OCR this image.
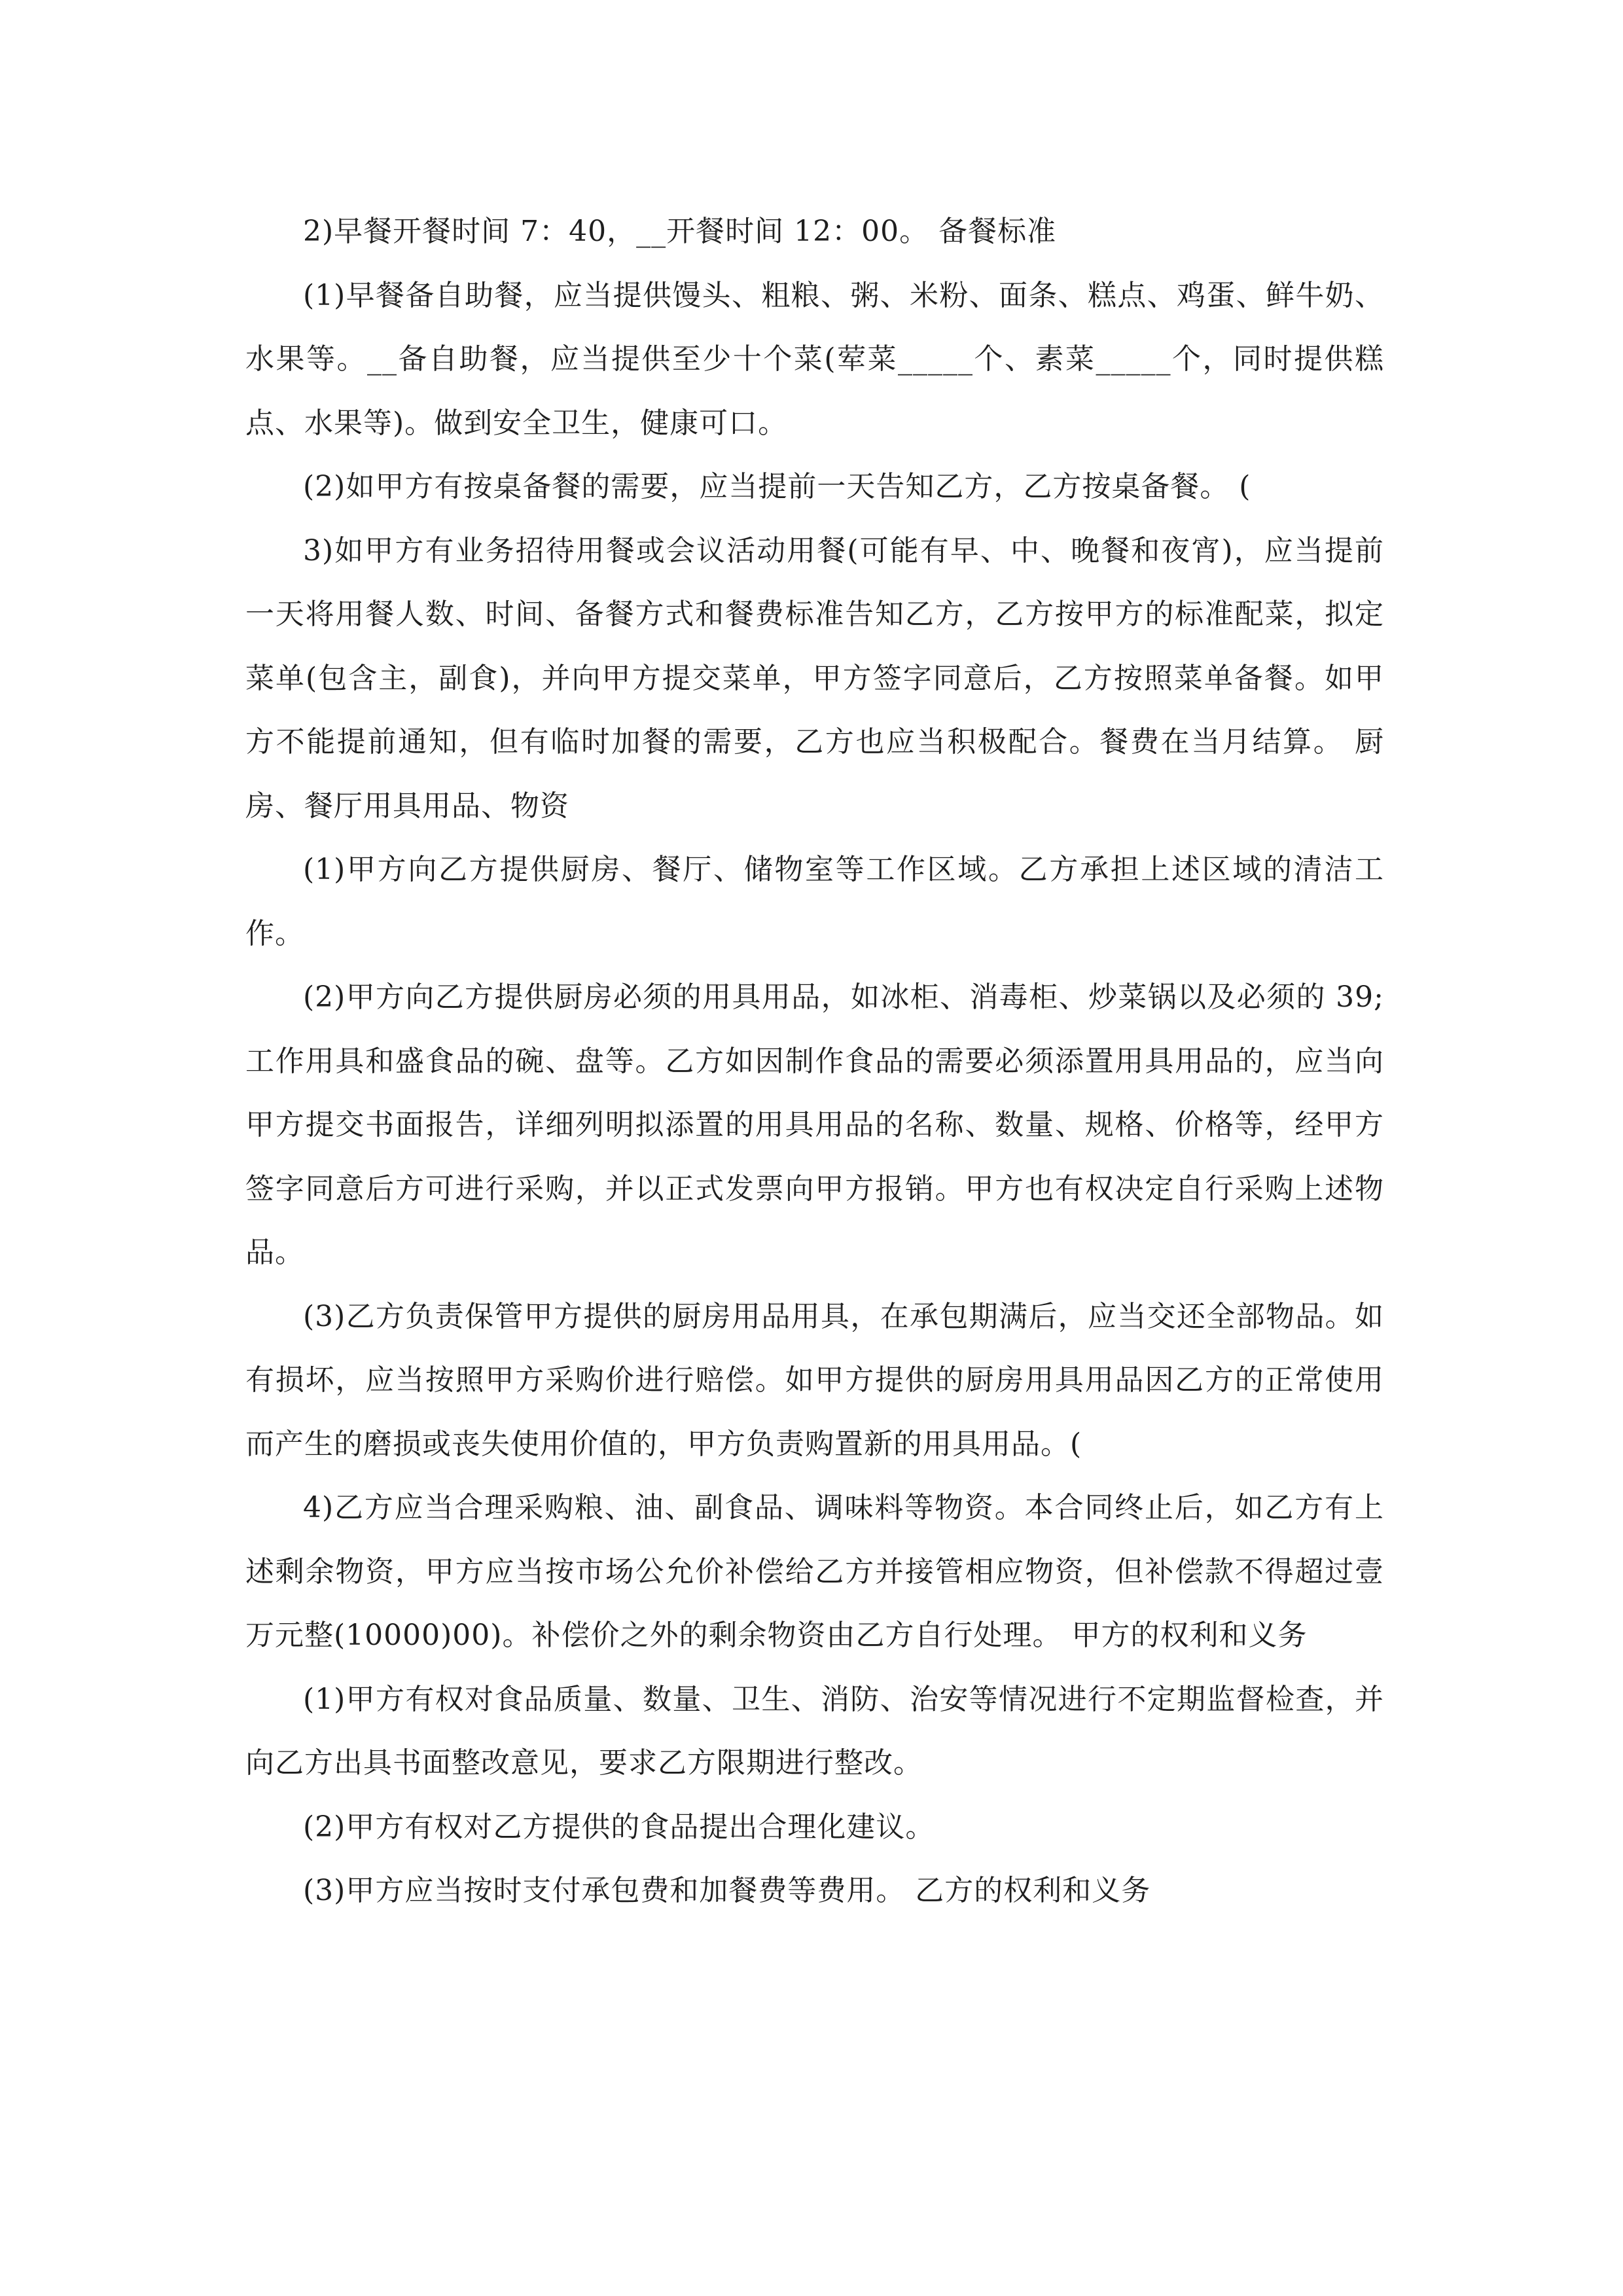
2)早餐开餐时间 7：40，__开餐时间 12：00。 备餐标准

(1)早餐备自助餐，应当提供馒头、粗粮、粥、米粉、面条、糕点、鸡蛋、鲜牛奶、水果等。__备自助餐，应当提供至少十个菜(荤菜_____个、素菜_____个，同时提供糕点、水果等)。做到安全卫生，健康可口。

(2)如甲方有按桌备餐的需要，应当提前一天告知乙方，乙方按桌备餐。 (

3)如甲方有业务招待用餐或会议活动用餐(可能有早、中、晚餐和夜宵)，应当提前一天将用餐人数、时间、备餐方式和餐费标准告知乙方，乙方按甲方的标准配菜，拟定菜单(包含主，副食)，并向甲方提交菜单，甲方签字同意后，乙方按照菜单备餐。如甲方不能提前通知，但有临时加餐的需要，乙方也应当积极配合。餐费在当月结算。 厨房、餐厅用具用品、物资

(1)甲方向乙方提供厨房、餐厅、储物室等工作区域。乙方承担上述区域的清洁工作。

(2)甲方向乙方提供厨房必须的用具用品，如冰柜、消毒柜、炒菜锅以及必须的 39;工作用具和盛食品的碗、盘等。乙方如因制作食品的需要必须添置用具用品的，应当向甲方提交书面报告，详细列明拟添置的用具用品的名称、数量、规格、价格等，经甲方签字同意后方可进行采购，并以正式发票向甲方报销。甲方也有权决定自行采购上述物品。

(3)乙方负责保管甲方提供的厨房用品用具，在承包期满后，应当交还全部物品。如有损坏，应当按照甲方采购价进行赔偿。如甲方提供的厨房用具用品因乙方的正常使用而产生的磨损或丧失使用价值的，甲方负责购置新的用具用品。(

4)乙方应当合理采购粮、油、副食品、调味料等物资。本合同终止后，如乙方有上述剩余物资，甲方应当按市场公允价补偿给乙方并接管相应物资，但补偿款不得超过壹万元整(10000)00)。补偿价之外的剩余物资由乙方自行处理。 甲方的权利和义务

(1)甲方有权对食品质量、数量、卫生、消防、治安等情况进行不定期监督检查，并向乙方出具书面整改意见，要求乙方限期进行整改。

(2)甲方有权对乙方提供的食品提出合理化建议。

(3)甲方应当按时支付承包费和加餐费等费用。 乙方的权利和义务
